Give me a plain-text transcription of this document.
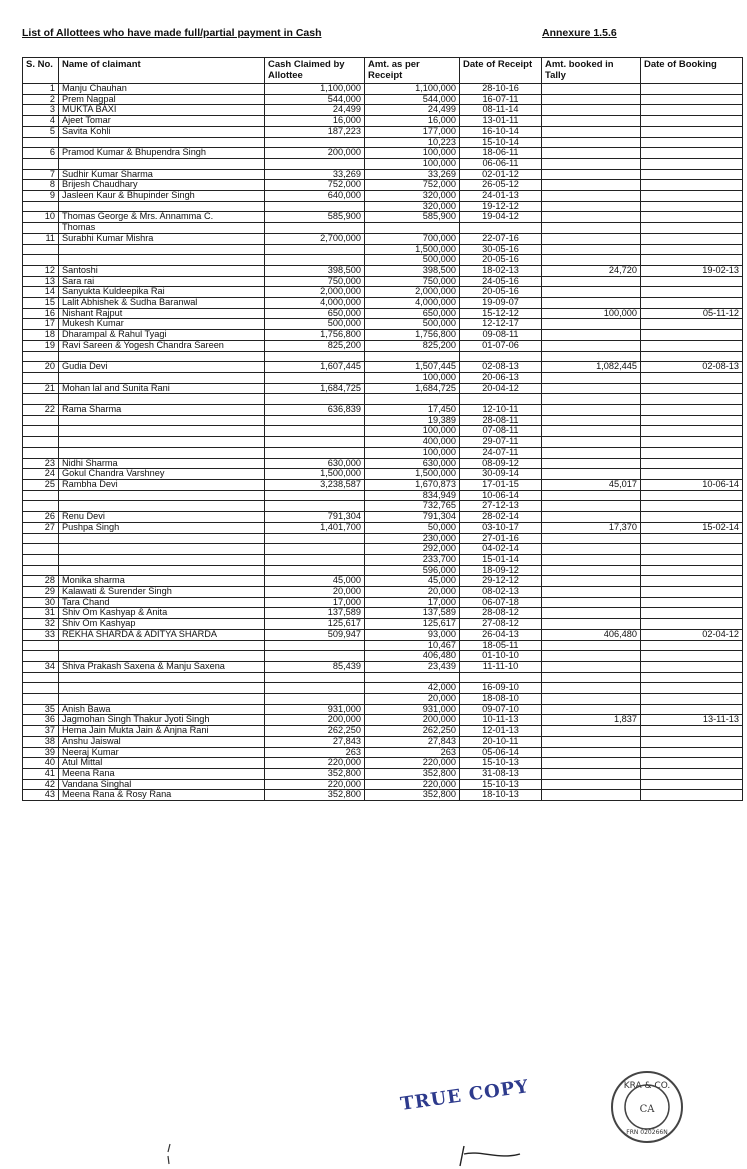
List of Allottees who have made full/partial payment in Cash	Annexure 1.5.6
S. No.	Name of claimant	Cash Claimed by Allottee	Amt. as per Receipt	Date of Receipt	Amt. booked in Tally	Date of Booking
1	Manju Chauhan	1,100,000	1,100,000	28-10-16		
2	Prem Nagpal	544,000	544,000	16-07-11		
3	MUKTA BAXI	24,499	24,499	08-11-14		
4	Ajeet Tomar	16,000	16,000	13-01-11		
5	Savita Kohli	187,223	177,000	16-10-14		
			10,223	15-10-14		
6	Pramod Kumar & Bhupendra Singh	200,000	100,000	18-06-11		
			100,000	06-06-11		
7	Sudhir Kumar Sharma	33,269	33,269	02-01-12		
8	Brijesh Chaudhary	752,000	752,000	26-05-12		
9	Jasleen Kaur & Bhupinder Singh	640,000	320,000	24-01-13		
			320,000	19-12-12		
10	Thomas George & Mrs. Annamma C.	585,900	585,900	19-04-12		
	Thomas					
11	Surabhi Kumar Mishra	2,700,000	700,000	22-07-16		
			1,500,000	30-05-16		
			500,000	20-05-16		
12	Santoshi	398,500	398,500	18-02-13	24,720	19-02-13
13	Sara rai	750,000	750,000	24-05-16		
14	Sanyukta Kuldeepika Rai	2,000,000	2,000,000	20-05-16		
15	Lalit Abhishek & Sudha Baranwal	4,000,000	4,000,000	19-09-07		
16	Nishant Rajput	650,000	650,000	15-12-12	100,000	05-11-12
17	Mukesh Kumar	500,000	500,000	12-12-17		
18	Dharampal & Rahul Tyagi	1,756,800	1,756,800	09-08-11		
19	Ravi Sareen & Yogesh Chandra Sareen	825,200	825,200	01-07-06		

20	Gudia Devi	1,607,445	1,507,445	02-08-13	1,082,445	02-08-13
			100,000	20-06-13		
21	Mohan lal and Sunita Rani	1,684,725	1,684,725	20-04-12		

22	Rama Sharma	636,839	17,450	12-10-11		
			19,389	28-08-11		
			100,000	07-08-11		
			400,000	29-07-11		
			100,000	24-07-11		
23	Nidhi Sharma	630,000	630,000	08-09-12		
24	Gokul Chandra Varshney	1,500,000	1,500,000	30-09-14		
25	Rambha Devi	3,238,587	1,670,873	17-01-15	45,017	10-06-14
			834,949	10-06-14		
			732,765	27-12-13		
26	Renu Devi	791,304	791,304	28-02-14		
27	Pushpa Singh	1,401,700	50,000	03-10-17	17,370	15-02-14
			230,000	27-01-16		
			292,000	04-02-14		
			233,700	15-01-14		
			596,000	18-09-12		
28	Monika sharma	45,000	45,000	29-12-12		
29	Kalawati & Surender Singh	20,000	20,000	08-02-13		
30	Tara Chand	17,000	17,000	06-07-18		
31	Shiv Om Kashyap & Anita	137,589	137,589	28-08-12		
32	Shiv Om Kashyap	125,617	125,617	27-08-12		
33	REKHA SHARDA & ADITYA SHARDA	509,947	93,000	26-04-13	406,480	02-04-12
			10,467	18-05-11		
			406,480	01-10-10		
34	Shiva Prakash Saxena & Manju Saxena	85,439	23,439	11-11-10		

			42,000	16-09-10		
			20,000	18-08-10		
35	Anish Bawa	931,000	931,000	09-07-10		
36	Jagmohan Singh Thakur Jyoti Singh	200,000	200,000	10-11-13	1,837	13-11-13
37	Hema Jain Mukta Jain & Anjna Rani	262,250	262,250	12-01-13		
38	Anshu Jaiswal	27,843	27,843	20-10-11		
39	Neeraj Kumar	263	263	05-06-14		
40	Atul Mittal	220,000	220,000	15-10-13		
41	Meena Rana	352,800	352,800	31-08-13		
42	Vandana Singhal	220,000	220,000	15-10-13		
43	Meena Rana & Rosy Rana	352,800	352,800	18-10-13		
TRUE COPY	KRA & CO.
CA
FRN 020266N
